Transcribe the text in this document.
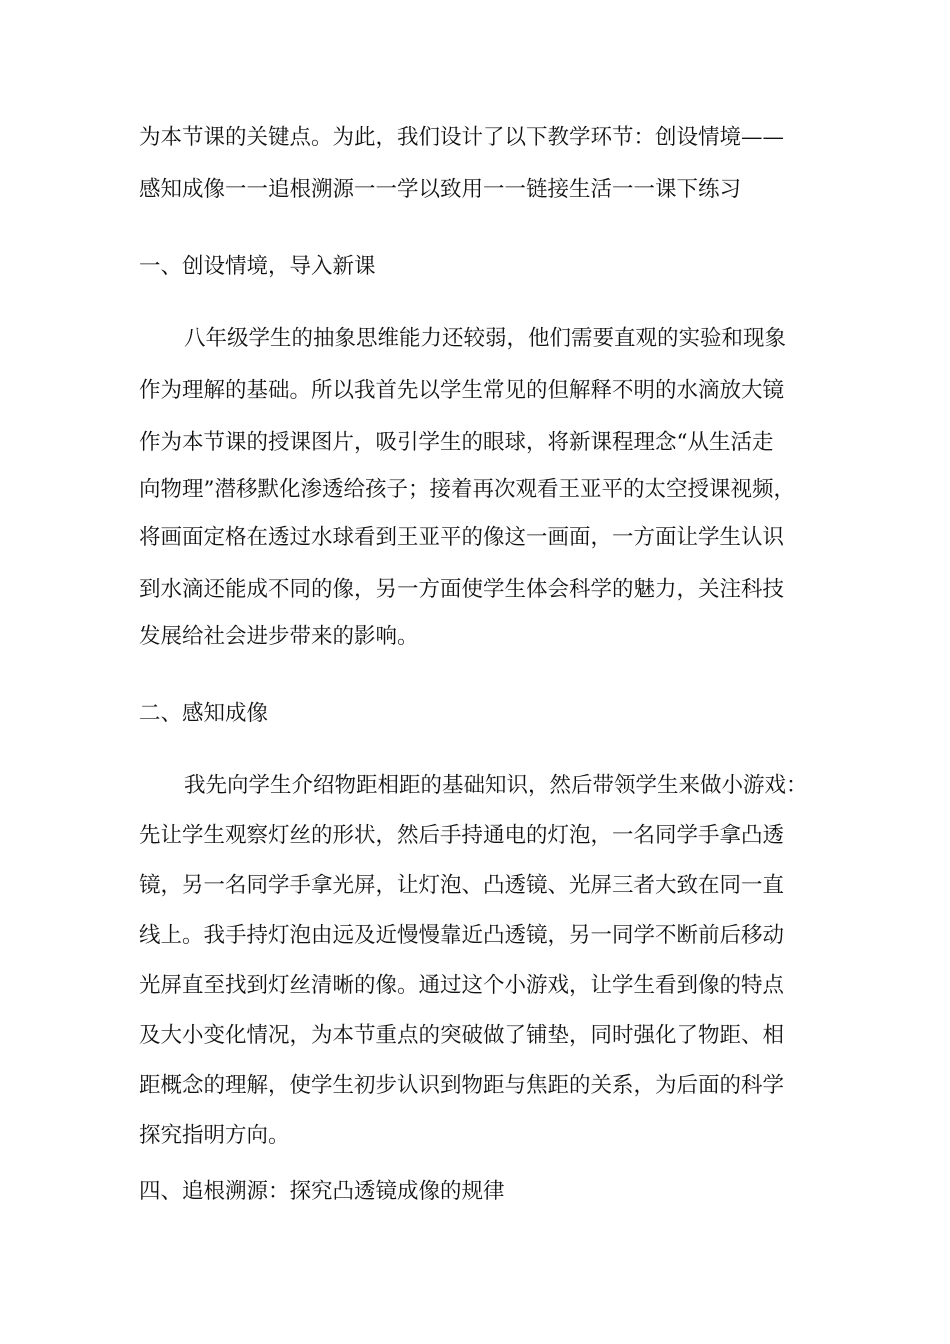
为本节课的关键点。为此，我们设计了以下教学环节：创设情境——
感知成像一一追根溯源一一学以致用一一链接生活一一课下练习
一、创设情境，导入新课
八年级学生的抽象思维能力还较弱，他们需要直观的实验和现象
作为理解的基础。所以我首先以学生常见的但解释不明的水滴放大镜
作为本节课的授课图片，吸引学生的眼球，将新课程理念“从生活走
向物理”潜移默化渗透给孩子；接着再次观看王亚平的太空授课视频，
将画面定格在透过水球看到王亚平的像这一画面，一方面让学生认识
到水滴还能成不同的像，另一方面使学生体会科学的魅力，关注科技
发展给社会进步带来的影响。
二、感知成像
我先向学生介绍物距相距的基础知识，然后带领学生来做小游戏：
先让学生观察灯丝的形状，然后手持通电的灯泡，一名同学手拿凸透
镜，另一名同学手拿光屏，让灯泡、凸透镜、光屏三者大致在同一直
线上。我手持灯泡由远及近慢慢靠近凸透镜，另一同学不断前后移动
光屏直至找到灯丝清晰的像。通过这个小游戏，让学生看到像的特点
及大小变化情况，为本节重点的突破做了铺垫，同时强化了物距、相
距概念的理解，使学生初步认识到物距与焦距的关系，为后面的科学
探究指明方向。
四、追根溯源：探究凸透镜成像的规律
